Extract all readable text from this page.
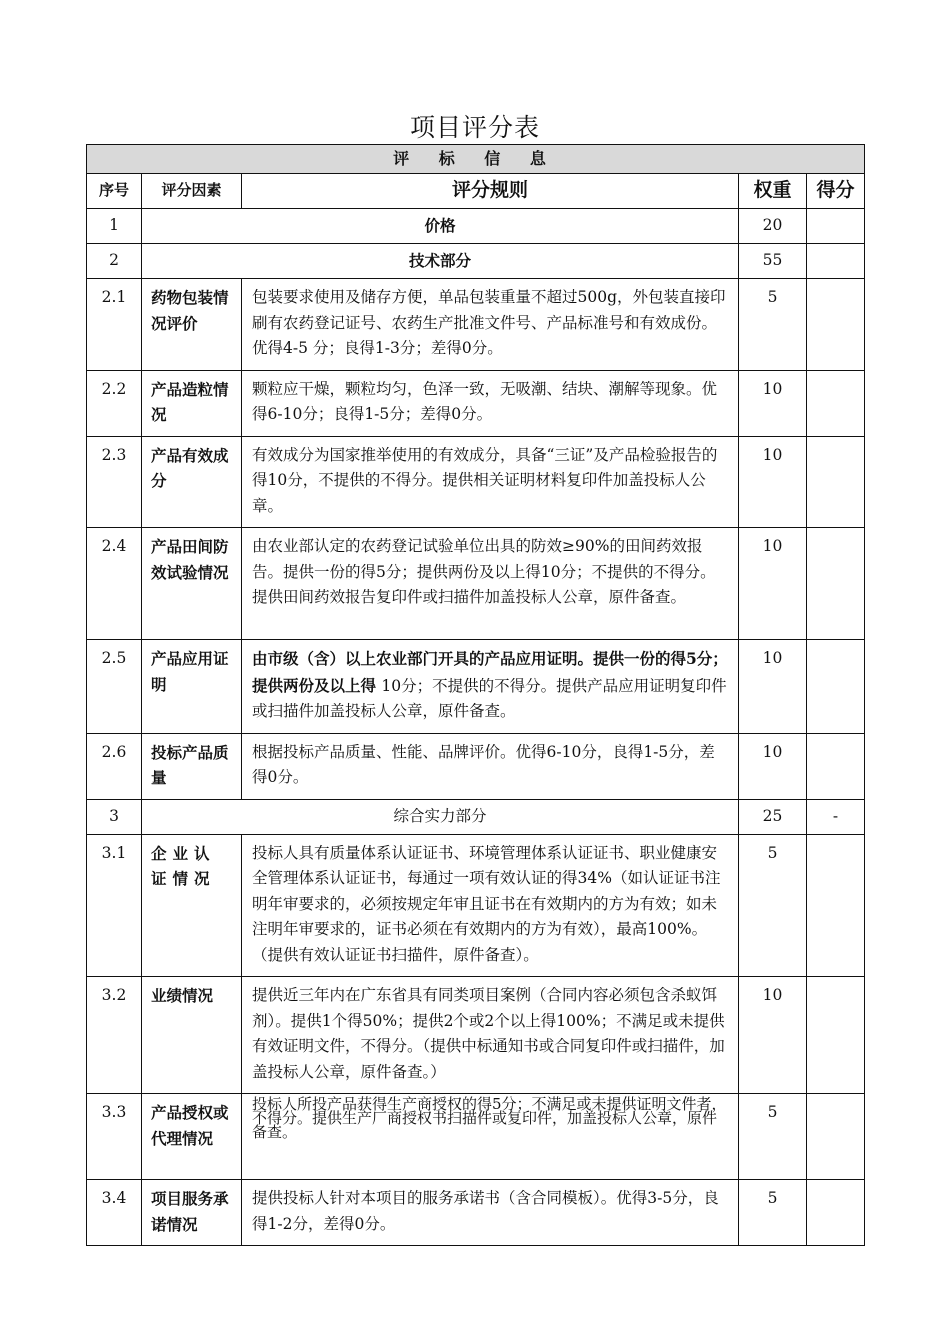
项目评分表
评 标 信 息				
序号	评分因素	评分规则	权重	得分
1	价格		20	
2	技术部分		55	
2.1	药物包装情况评价	包装要求使用及储存方便，单品包装重量不超过500g，外包装直接印刷有农药登记证号、农药生产批准文件号、产品标准号和有效成份。优得4-5 分；良得1-3分；差得0分。	5	
2.2	产品造粒情况	颗粒应干燥，颗粒均匀，色泽一致，无吸潮、结块、潮解等现象。优得6-10分；良得1-5分；差得0分。	10	
2.3	产品有效成分	有效成分为国家推举使用的有效成分，具备“三证”及产品检验报告的得10分，不提供的不得分。提供相关证明材料复印件加盖投标人公章。	10	
2.4	产品田间防效试验情况	由农业部认定的农药登记试验单位出具的防效≥90%的田间药效报告。提供一份的得5分；提供两份及以上得10分；不提供的不得分。提供田间药效报告复印件或扫描件加盖投标人公章，原件备查。	10	
2.5	产品应用证明	由市级（含）以上农业部门开具的产品应用证明。提供一份的得5分；提供两份及以上得 10分；不提供的不得分。提供产品应用证明复印件或扫描件加盖投标人公章，原件备查。	10	
2.6	投标产品质量	根据投标产品质量、性能、品牌评价。优得6-10分，良得1-5分，差得0分。	10	
3	综合实力部分		25	-
3.1	企业认证情况	投标人具有质量体系认证证书、环境管理体系认证证书、职业健康安全管理体系认证证书，每通过一项有效认证的得34%（如认证证书注明年审要求的，必须按规定年审且证书在有效期内的方为有效；如未注明年审要求的，证书必须在有效期内的方为有效），最高100%。（提供有效认证证书扫描件，原件备查）。	5	
3.2	业绩情况	提供近三年内在广东省具有同类项目案例（合同内容必须包含杀蚁饵剂）。提供1个得50%；提供2个或2个以上得100%；不满足或未提供有效证明文件，不得分。（提供中标通知书或合同复印件或扫描件，加盖投标人公章，原件备查。）	10	
3.3	产品授权或代理情况	投标人所投产品获得生产商授权的得5分；不满足或未提供证明文件者，不得分。提供生产厂商授权书扫描件或复印件，加盖投标人公章，原件备查。	5	
3.4	项目服务承诺情况	提供投标人针对本项目的服务承诺书（含合同模板）。优得3-5分，良得1-2分，差得0分。	5	
